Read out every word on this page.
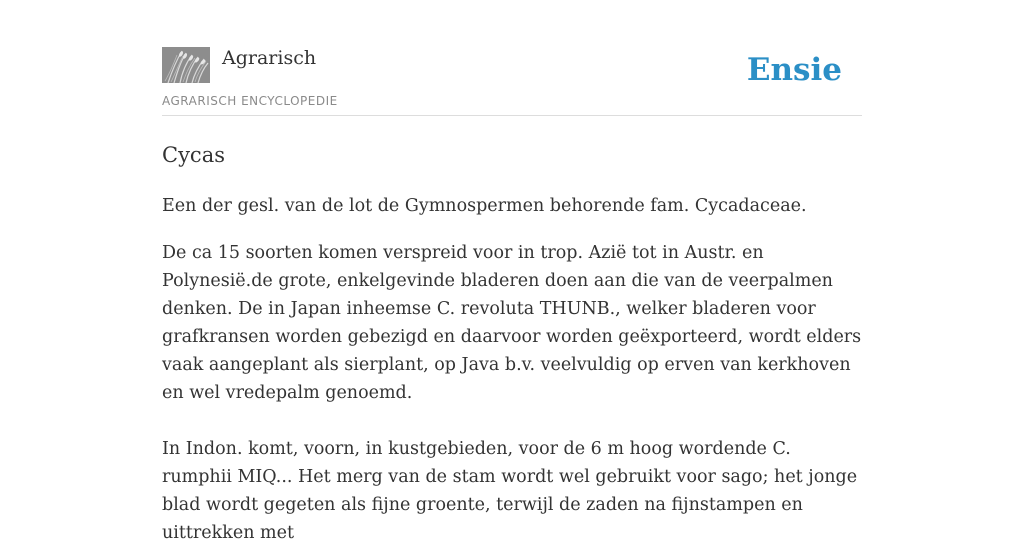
Agrarisch
AGRARISCH ENCYCLOPEDIE
Ensie
Cycas

Een der gesl. van de lot de Gymnospermen behorende fam. Cycadaceae.

De ca 15 soorten komen verspreid voor in trop. Azië tot in Austr. en Polynesië.de grote, enkelgevinde bladeren doen aan die van de veerpalmen denken. De in Japan inheemse C. revoluta THUNB., welker bladeren voor grafkransen worden gebezigd en daarvoor worden geëxporteerd, wordt elders vaak aangeplant als sierplant, op Java b.v. veelvuldig op erven van kerkhoven en wel vredepalm genoemd.

In Indon. komt, voorn, in kustgebieden, voor de 6 m hoog wordende C. rumphii MIQ... Het merg van de stam wordt wel gebruikt voor sago; het jonge blad wordt gegeten als fijne groente, terwijl de zaden na fijnstampen en uittrekken met
